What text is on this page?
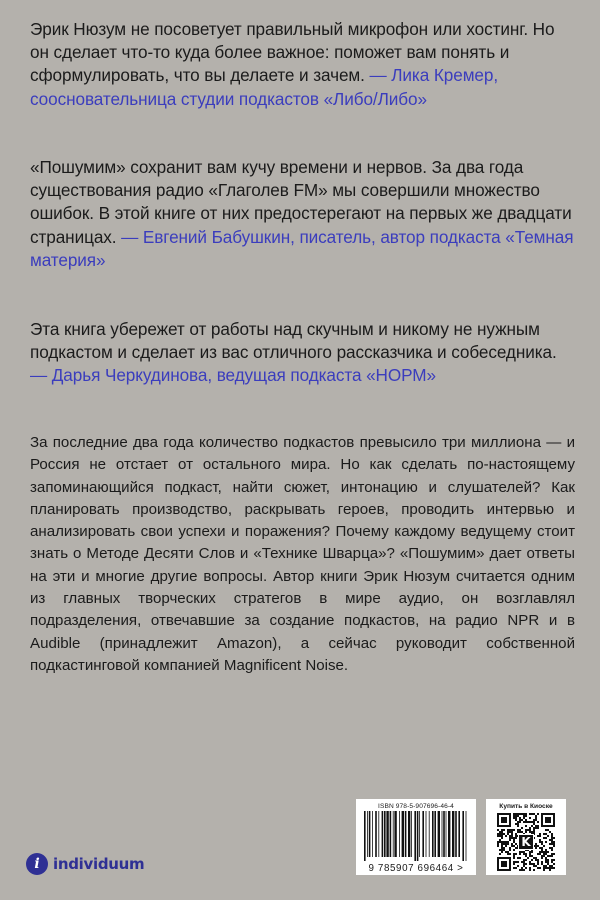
Эрик Нюзум не посоветует правильный микрофон или хостинг. Но он сделает что-то куда более важное: поможет вам понять и сформулировать, что вы делаете и зачем. — Лика Кремер, соосновательница студии подкастов «Либо/Либо»

«Пошумим» сохранит вам кучу времени и нервов. За два года существования радио «Глаголев FM» мы совершили множество ошибок. В этой книге от них предостерегают на первых же двадцати страницах. — Евгений Бабушкин, писатель, автор подкаста «Темная материя»

Эта книга убережет от работы над скучным и никому не нужным подкастом и сделает из вас отличного рассказчика и собеседника. — Дарья Черкудинова, ведущая подкаста «НОРМ»

За последние два года количество подкастов превысило три миллиона — и Россия не отстает от остального мира. Но как сделать по-настоящему запоминающийся подкаст, найти сюжет, интонацию и слушателей? Как планировать производство, раскрывать героев, проводить интервью и анализировать свои успехи и поражения? Почему каждому ведущему стоит знать о Методе Десяти Слов и «Технике Шварца»? «Пошумим» дает ответы на эти и многие другие вопросы. Автор книги Эрик Нюзум считается одним из главных творческих стратегов в мире аудио, он возглавлял подразделения, отвечавшие за создание подкастов, на радио NPR и в Audible (принадлежит Amazon), а сейчас руководит собственной подкастинговой компанией Magnificent Noise.

i individuum
ISBN 978-5-907696-46-4
9 785907 696464 >
Купить в Киоске
K
